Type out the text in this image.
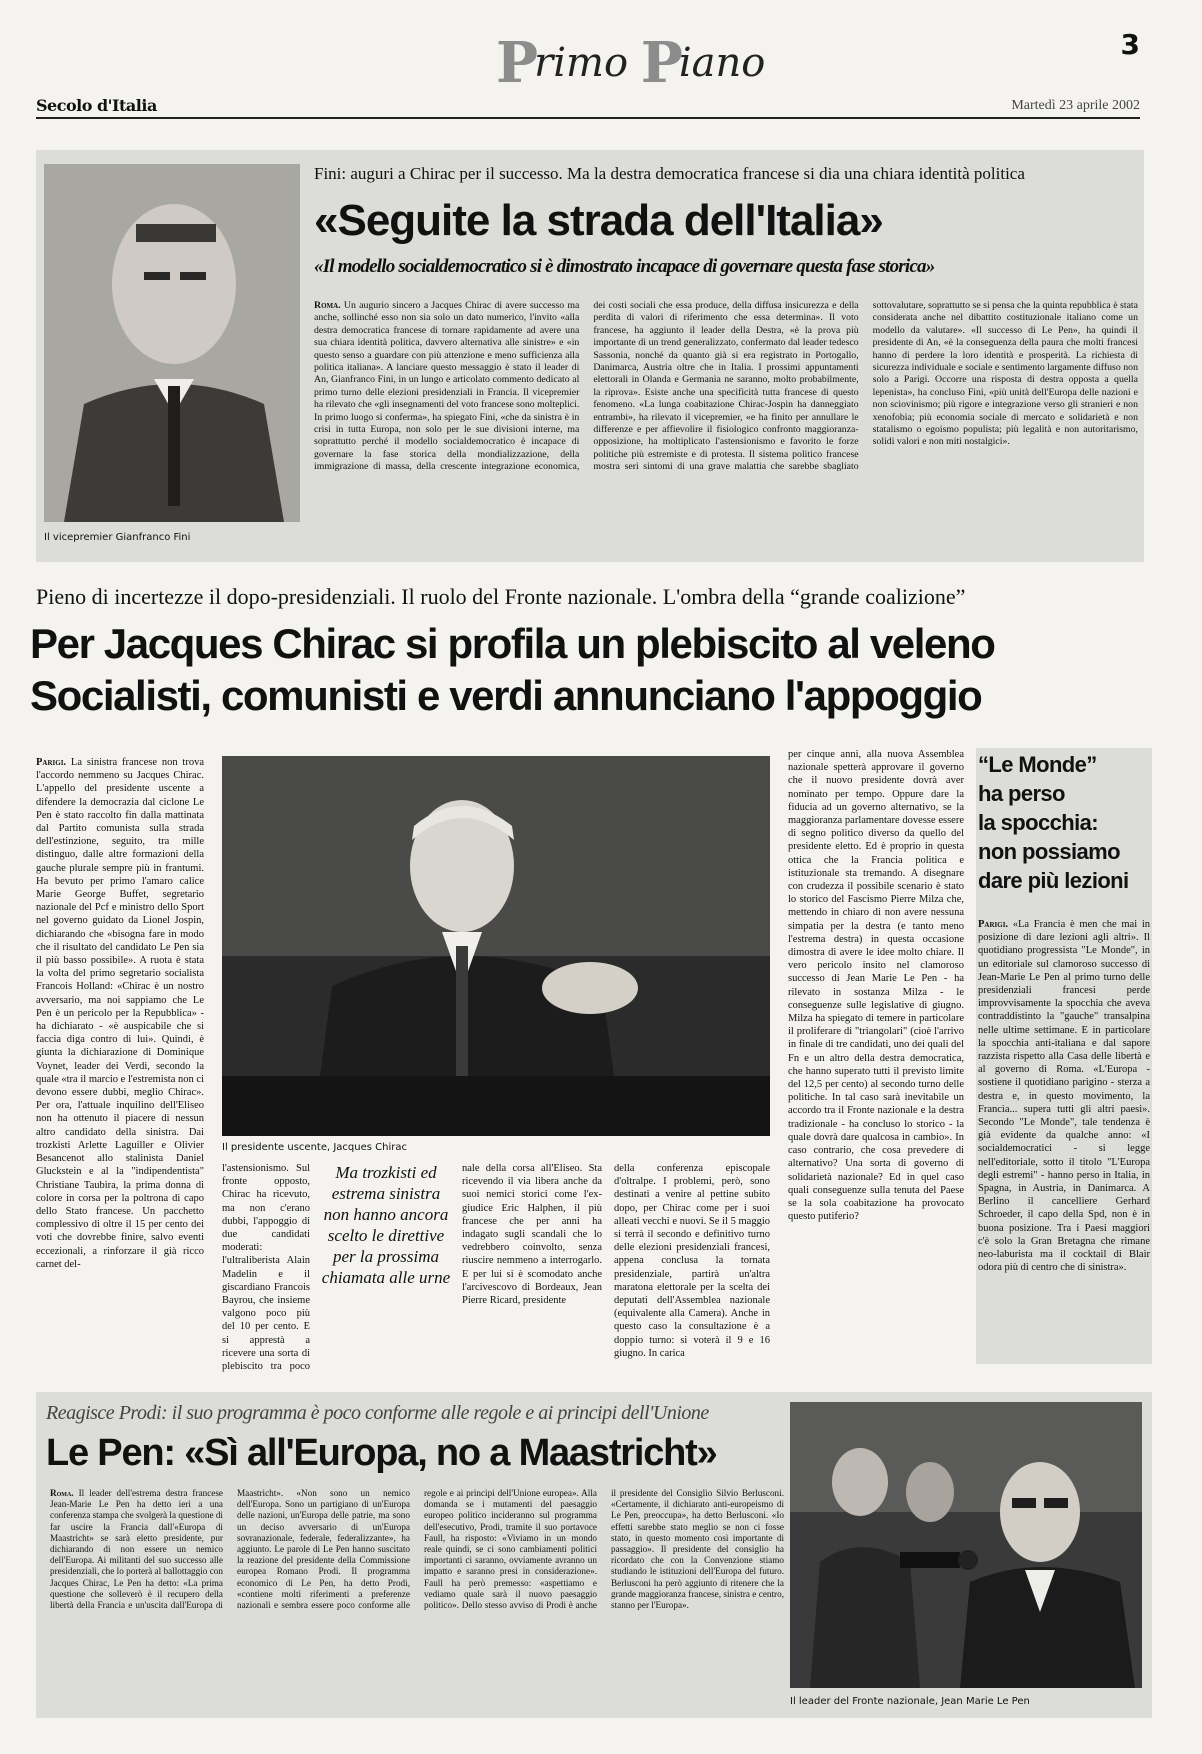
Primo Piano	3
Secolo d'Italia	Martedì 23 aprile 2002
Il vicepremier Gianfranco Fini
Fini: auguri a Chirac per il successo. Ma la destra democratica francese si dia una chiara identità politica
«Seguite la strada dell'Italia»
«Il modello socialdemocratico si è dimostrato incapace di governare questa fase storica»
Roma. Un augurio sincero a Jacques Chirac di avere successo ma anche, sollinché esso non sia solo un dato numerico, l'invito «alla destra democratica francese di tornare rapidamente ad avere una sua chiara identità politica, davvero alternativa alle sinistre» e «in questo senso a guardare con più attenzione e meno sufficienza alla politica italiana». A lanciare questo messaggio è stato il leader di An, Gianfranco Fini, in un lungo e articolato commento dedicato al primo turno delle elezioni presidenziali in Francia. Il vicepremier ha rilevato che «gli insegnamenti del voto francese sono molteplici. In primo luogo si conferma», ha spiegato Fini, «che da sinistra è in crisi in tutta Europa, non solo per le sue divisioni interne, ma soprattutto perché il modello socialdemocratico è incapace di governare la fase storica della mondializzazione, della immigrazione di massa, della crescente integrazione economica, dei costi sociali che essa produce, della diffusa insicurezza e della perdita di valori di riferimento che essa determina». Il voto francese, ha aggiunto il leader della Destra, «è la prova più importante di un trend generalizzato, confermato dal leader tedesco Sassonia, nonché da quanto già si era registrato in Portogallo, Danimarca, Austria oltre che in Italia. I prossimi appuntamenti elettorali in Olanda e Germania ne saranno, molto probabilmente, la riprova». Esiste anche una specificità tutta francese di questo fenomeno. «La lunga coabitazione Chirac-Jospin ha danneggiato entrambi», ha rilevato il vicepremier, «e ha finito per annullare le differenze e per affievolire il fisiologico confronto maggioranza-opposizione, ha moltiplicato l'astensionismo e favorito le forze politiche più estremiste e di protesta. Il sistema politico francese mostra seri sintomi di una grave malattia che sarebbe sbagliato sottovalutare, soprattutto se si pensa che la quinta repubblica è stata considerata anche nel dibattito costituzionale italiano come un modello da valutare». «Il successo di Le Pen», ha quindi il presidente di An, «è la conseguenza della paura che molti francesi hanno di perdere la loro identità e prosperità. La richiesta di sicurezza individuale e sociale e sentimento largamente diffuso non solo a Parigi. Occorre una risposta di destra opposta a quella lepenista», ha concluso Fini, «più unità dell'Europa delle nazioni e non sciovinismo; più rigore e integrazione verso gli stranieri e non xenofobia; più economia sociale di mercato e solidarietà e non statalismo o egoismo populista; più legalità e non autoritarismo, solidi valori e non miti nostalgici».
Pieno di incertezze il dopo-presidenziali. Il ruolo del Fronte nazionale. L'ombra della “grande coalizione”
Per Jacques Chirac si profila un plebiscito al veleno
Socialisti, comunisti e verdi annunciano l'appoggio
Parigi. La sinistra francese non trova l'accordo nemmeno su Jacques Chirac. L'appello del presidente uscente a difendere la democrazia dal ciclone Le Pen è stato raccolto fin dalla mattinata dal Partito comunista sulla strada dell'estinzione, seguito, tra mille distinguo, dalle altre formazioni della gauche plurale sempre più in frantumi. Ha bevuto per primo l'amaro calice Marie George Buffet, segretario nazionale del Pcf e ministro dello Sport nel governo guidato da Lionel Jospin, dichiarando che «bisogna fare in modo che il risultato del candidato Le Pen sia il più basso possibile». A ruota è stata la volta del primo segretario socialista Francois Holland: «Chirac è un nostro avversario, ma noi sappiamo che Le Pen è un pericolo per la Repubblica» - ha dichiarato - «è auspicabile che si faccia diga contro di lui». Quindi, è giunta la dichiarazione di Dominique Voynet, leader dei Verdi, secondo la quale «tra il marcio e l'estremista non ci devono essere dubbi, meglio Chirac». Per ora, l'attuale inquilino dell'Eliseo non ha ottenuto il piacere di nessun altro candidato della sinistra. Dai trozkisti Arlette Laguiller e Olivier Besancenot allo stalinista Daniel Gluckstein e al la "indipendentista" Christiane Taubira, la prima donna di colore in corsa per la poltrona di capo dello Stato francese. Un pacchetto complessivo di oltre il 15 per cento dei voti che dovrebbe finire, salvo eventi eccezionali, a rinforzare il già ricco carnet del-
Il presidente uscente, Jacques Chirac
l'astensionismo. Sul fronte opposto, Chirac ha ricevuto, ma non c'erano dubbi, l'appoggio di due candidati moderati: l'ultraliberista Alain Madelin e il giscardiano Francois Bayrou, che insieme valgono poco più del 10 per cento. E si apprestà a ricevere una sorta di plebiscito tra poco
Ma trozkisti ed estrema sinistra non hanno ancora scelto le direttive per la prossima chiamata alle urne
nale della corsa all'Eliseo. Sta ricevendo il via libera anche da suoi nemici storici come l'ex-giudice Eric Halphen, il più francese che per anni ha indagato sugli scandali che lo vedrebbero coinvolto, senza riuscire nemmeno a interrogarlo. E per lui si è scomodato anche l'arcivescovo di Bordeaux, Jean Pierre Ricard, presidente
della conferenza episcopale d'oltralpe. I problemi, però, sono destinati a venire al pettine subito dopo, per Chirac come per i suoi alleati vecchi e nuovi. Se il 5 maggio si terrà il secondo e definitivo turno delle elezioni presidenziali francesi, appena conclusa la tornata presidenziale, partirà un'altra maratona elettorale per la scelta dei deputati dell'Assemblea nazionale (equivalente alla Camera). Anche in questo caso la consultazione è a doppio turno: si voterà il 9 e 16 giugno. In carica
per cinque anni, alla nuova Assemblea nazionale spetterà approvare il governo che il nuovo presidente dovrà aver nominato per tempo. Oppure dare la fiducia ad un governo alternativo, se la maggioranza parlamentare dovesse essere di segno politico diverso da quello del presidente eletto. Ed è proprio in questa ottica che la Francia politica e istituzionale sta tremando. A disegnare con crudezza il possibile scenario è stato lo storico del Fascismo Pierre Milza che, mettendo in chiaro di non avere nessuna simpatia per la destra (e tanto meno l'estrema destra) in questa occasione dimostra di avere le idee molto chiare. Il vero pericolo insito nel clamoroso successo di Jean Marie Le Pen - ha rilevato in sostanza Milza - le conseguenze sulle legislative di giugno. Milza ha spiegato di temere in particolare il proliferare di "triangolari" (cioè l'arrivo in finale di tre candidati, uno dei quali del Fn e un altro della destra democratica, che hanno superato tutti il previsto limite del 12,5 per cento) al secondo turno delle politiche. In tal caso sarà inevitabile un accordo tra il Fronte nazionale e la destra tradizionale - ha concluso lo storico - la quale dovrà dare qualcosa in cambio». In caso contrario, che cosa prevedere di alternativo? Una sorta di governo di solidarietà nazionale? Ed in quel caso quali conseguenze sulla tenuta del Paese se la sola coabitazione ha provocato questo putiferio?
“Le Monde”
ha perso
la spocchia:
non possiamo
dare più lezioni
Parigi. «La Francia è men che mai in posizione di dare lezioni agli altri». Il quotidiano progressista "Le Monde", in un editoriale sul clamoroso successo di Jean-Marie Le Pen al primo turno delle presidenziali francesi perde improvvisamente la spocchia che aveva contraddistinto la "gauche" transalpina nelle ultime settimane. E in particolare la spocchia anti-italiana e dal sapore razzista rispetto alla Casa delle libertà e al governo di Roma. «L'Europa - sostiene il quotidiano parigino - sterza a destra e, in questo movimento, la Francia... supera tutti gli altri paesi». Secondo "Le Monde", tale tendenza è già evidente da qualche anno: «I socialdemocratici - si legge nell'editoriale, sotto il titolo "L'Europa degli estremi" - hanno perso in Italia, in Spagna, in Austria, in Danimarca. A Berlino il cancelliere Gerhard Schroeder, il capo della Spd, non è in buona posizione. Tra i Paesi maggiori c'è solo la Gran Bretagna che rimane neo-laburista ma il cocktail di Blair odora più di centro che di sinistra».
Reagisce Prodi: il suo programma è poco conforme alle regole e ai principi dell'Unione
Le Pen: «Sì all'Europa, no a Maastricht»
Roma. Il leader dell'estrema destra francese Jean-Marie Le Pen ha detto ieri a una conferenza stampa che svolgerà la questione di far uscire la Francia dall'«Europa di Maastricht» se sarà eletto presidente, pur dichiarando di non essere un nemico dell'Europa. Ai militanti del suo successo alle presidenziali, che lo porterà al ballottaggio con Jacques Chirac, Le Pen ha detto: «La prima questione che solleverò è il recupero della libertà della Francia e un'uscita dall'Europa di Maastricht». «Non sono un nemico dell'Europa. Sono un partigiano di un'Europa delle nazioni, un'Europa delle patrie, ma sono un deciso avversario di un'Europa sovranazionale, federale, federalizzante», ha aggiunto. Le parole di Le Pen hanno suscitato la reazione del presidente della Commissione europea Romano Prodi. Il programma economico di Le Pen, ha detto Prodi, «contiene molti riferimenti a preferenze nazionali e sembra essere poco conforme alle regole e ai principi dell'Unione europea». Alla domanda se i mutamenti del paesaggio europeo politico incideranno sul programma dell'esecutivo, Prodi, tramite il suo portavoce Faull, ha risposto: «Viviamo in un mondo reale quindi, se ci sono cambiamenti politici importanti ci saranno, ovviamente avranno un impatto e saranno presi in considerazione». Faull ha però premesso: «aspettiamo e vediamo quale sarà il nuovo paesaggio politico». Dello stesso avviso di Prodi è anche il presidente del Consiglio Silvio Berlusconi. «Certamente, il dichiarato anti-europeismo di Le Pen, preoccupa», ha detto Berlusconi. «Io effetti sarebbe stato meglio se non ci fosse stato, in questo momento così importante di passaggio». Il presidente del consiglio ha ricordato che con la Convenzione stiamo studiando le istituzioni dell'Europa del futuro. Berlusconi ha però aggiunto di ritenere che la grande maggioranza francese, sinistra e centro, stanno per l'Europa».
Il leader del Fronte nazionale, Jean Marie Le Pen
